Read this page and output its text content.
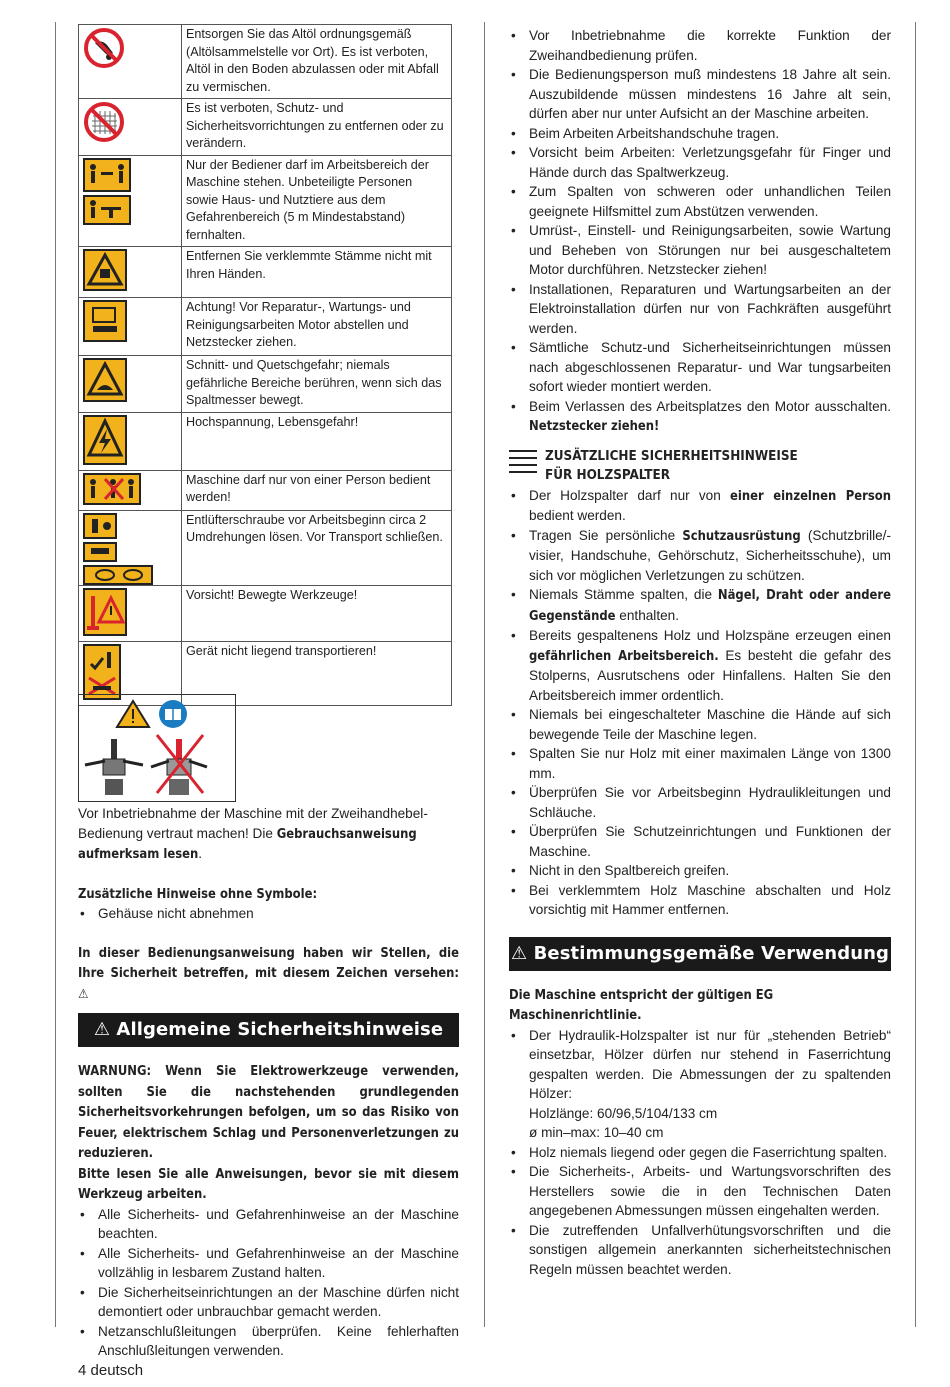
	Entsorgen Sie das Altöl ordnungsgemäß (Altölsammelstelle vor Ort). Es ist verboten, Altöl in den Boden abzulassen oder mit Abfall zu vermischen.
	Es ist verboten, Schutz- und Sicherheitsvorrichtungen zu entfernen oder zu verändern.

	Nur der Bediener darf im Arbeitsbereich der Maschine stehen. Unbeteiligte Personen sowie Haus- und Nutztiere aus dem Gefahrenbereich (5 m Mindestabstand) fernhalten.
	Entfernen Sie verklemmte Stämme nicht mit Ihren Händen.
	Achtung! Vor Reparatur-, Wartungs- und Reinigungsarbeiten Motor abstellen und Netzstecker ziehen.
	Schnitt- und Quetschgefahr; niemals gefährliche Bereiche berühren, wenn sich das Spaltmesser bewegt.
	Hochspannung, Lebensgefahr!
	Maschine darf nur von einer Person bedient werden!

	Entlüfterschraube vor Arbeitsbeginn circa 2 Umdrehungen lösen. Vor Transport schließen.
	Vorsicht! Bewegte Werkzeuge!
	Gerät nicht liegend transportieren!

Vor Inbetriebnahme der Maschine mit der Zweihandhebel-Bedienung vertraut machen! Die Gebrauchsanweisung aufmerksam lesen.

Zusätzliche Hinweise ohne Symbole:

• Gehäuse nicht abnehmen

In dieser Bedienungsanweisung haben wir Stellen, die Ihre Sicherheit betreffen, mit diesem Zeichen versehen: ⚠

⚠ Allgemeine Sicherheitshinweise

WARNUNG: Wenn Sie Elektrowerkzeuge verwenden, sollten Sie die nachstehenden grundlegenden Sicherheitsvorkehrungen befolgen, um so das Risiko von Feuer, elektrischem Schlag und Personenverletzungen zu reduzieren.

Bitte lesen Sie alle Anweisungen, bevor sie mit diesem Werkzeug arbeiten.

• Alle Sicherheits- und Gefahrenhinweise an der Maschine beachten.
• Alle Sicherheits- und Gefahrenhinweise an der Maschine vollzählig in lesbarem Zustand halten.
• Die Sicherheitseinrichtungen an der Maschine dürfen nicht demontiert oder unbrauchbar gemacht werden.
• Netzanschlußleitungen überprüfen. Keine fehlerhaften Anschlußleitungen verwenden.
• Vor Inbetriebnahme die korrekte Funktion der Zweihandbedienung prüfen.
• Die Bedienungsperson muß mindestens 18 Jahre alt sein. Auszubildende müssen mindestens 16 Jahre alt sein, dürfen aber nur unter Aufsicht an der Maschine arbeiten.
• Beim Arbeiten Arbeitshandschuhe tragen.
• Vorsicht beim Arbeiten: Verletzungsgefahr für Finger und Hände durch das Spaltwerkzeug.
• Zum Spalten von schweren oder unhandlichen Teilen geeignete Hilfsmittel zum Abstützen verwenden.
• Umrüst-, Einstell- und Reinigungsarbeiten, sowie Wartung und Beheben von Störungen nur bei ausgeschaltetem Motor durchführen. Netzstecker ziehen!
• Installationen, Reparaturen und Wartungsarbeiten an der Elektroinstallation dürfen nur von Fachkräften ausgeführt werden.
• Sämtliche Schutz-und Sicherheitseinrichtungen müssen nach abgeschlossenen Reparatur- und War tungsarbeiten sofort wieder montiert werden.
• Beim Verlassen des Arbeitsplatzes den Motor ausschalten. Netzstecker ziehen!
ZUSÄTZLICHE SICHERHEITSHINWEISE
FÜR HOLZSPALTER
• Der Holzspalter darf nur von einer einzelnen Person bedient werden.
• Tragen Sie persönliche Schutzausrüstung (Schutzbrille/-visier, Handschuhe, Gehörschutz, Sicherheitsschuhe), um sich vor möglichen Verletzungen zu schützen.
• Niemals Stämme spalten, die Nägel, Draht oder andere Gegenstände enthalten.
• Bereits gespaltenens Holz und Holzspäne erzeugen einen gefährlichen Arbeitsbereich. Es besteht die gefahr des Stolperns, Ausrutschens oder Hinfallens. Halten Sie den Arbeitsbereich immer ordentlich.
• Niemals bei eingeschalteter Maschine die Hände auf sich bewegende Teile der Maschine legen.
• Spalten Sie nur Holz mit einer maximalen Länge von 1300 mm.
• Überprüfen Sie vor Arbeitsbeginn Hydraulikleitungen und Schläuche.
• Überprüfen Sie Schutzeinrichtungen und Funktionen der Maschine.
• Nicht in den Spaltbereich greifen.
• Bei verklemmtem Holz Maschine abschalten und Holz vorsichtig mit Hammer entfernen.
⚠ Bestimmungsgemäße Verwendung

Die Maschine entspricht der gültigen EG Maschinenrichtlinie.

• Der Hydraulik-Holzspalter ist nur für „stehenden Betrieb“ einsetzbar, Hölzer dürfen nur stehend in Faserrichtung gespalten werden. Die Abmessungen der zu spaltenden Hölzer:
Holzlänge: 60/96,5/104/133 cm
ø min–max: 10–40 cm
• Holz niemals liegend oder gegen die Faserrichtung spalten.
• Die Sicherheits-, Arbeits- und Wartungsvorschriften des Herstellers sowie die in den Technischen Daten angegebenen Abmessungen müssen eingehalten werden.
• Die zutreffenden Unfallverhütungsvorschriften und die sonstigen allgemein anerkannten sicherheitstechnischen Regeln müssen beachtet werden.
4 deutsch
